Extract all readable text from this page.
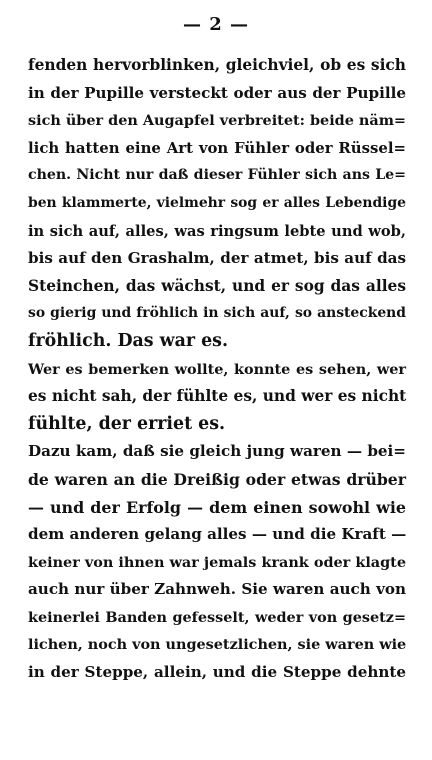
— 2 —
fenden hervorblinken, gleichviel, ob es sich
in der Pupille versteckt oder aus der Pupille
sich über den Augapfel verbreitet: beide näm=
lich hatten eine Art von Fühler oder Rüssel=
chen. Nicht nur daß dieser Fühler sich ans Le=
ben klammerte, vielmehr sog er alles Lebendige
in sich auf, alles, was ringsum lebte und wob,
bis auf den Grashalm, der atmet, bis auf das
Steinchen, das wächst, und er sog das alles
so gierig und fröhlich in sich auf, so ansteckend
fröhlich. Das war es.
Wer es bemerken wollte, konnte es sehen, wer
es nicht sah, der fühlte es, und wer es nicht
fühlte, der erriet es.
Dazu kam, daß sie gleich jung waren — bei=
de waren an die Dreißig oder etwas drüber
— und der Erfolg — dem einen sowohl wie
dem anderen gelang alles — und die Kraft —
keiner von ihnen war jemals krank oder klagte
auch nur über Zahnweh. Sie waren auch von
keinerlei Banden gefesselt, weder von gesetz=
lichen, noch von ungesetzlichen, sie waren wie
in der Steppe, allein, und die Steppe dehnte
